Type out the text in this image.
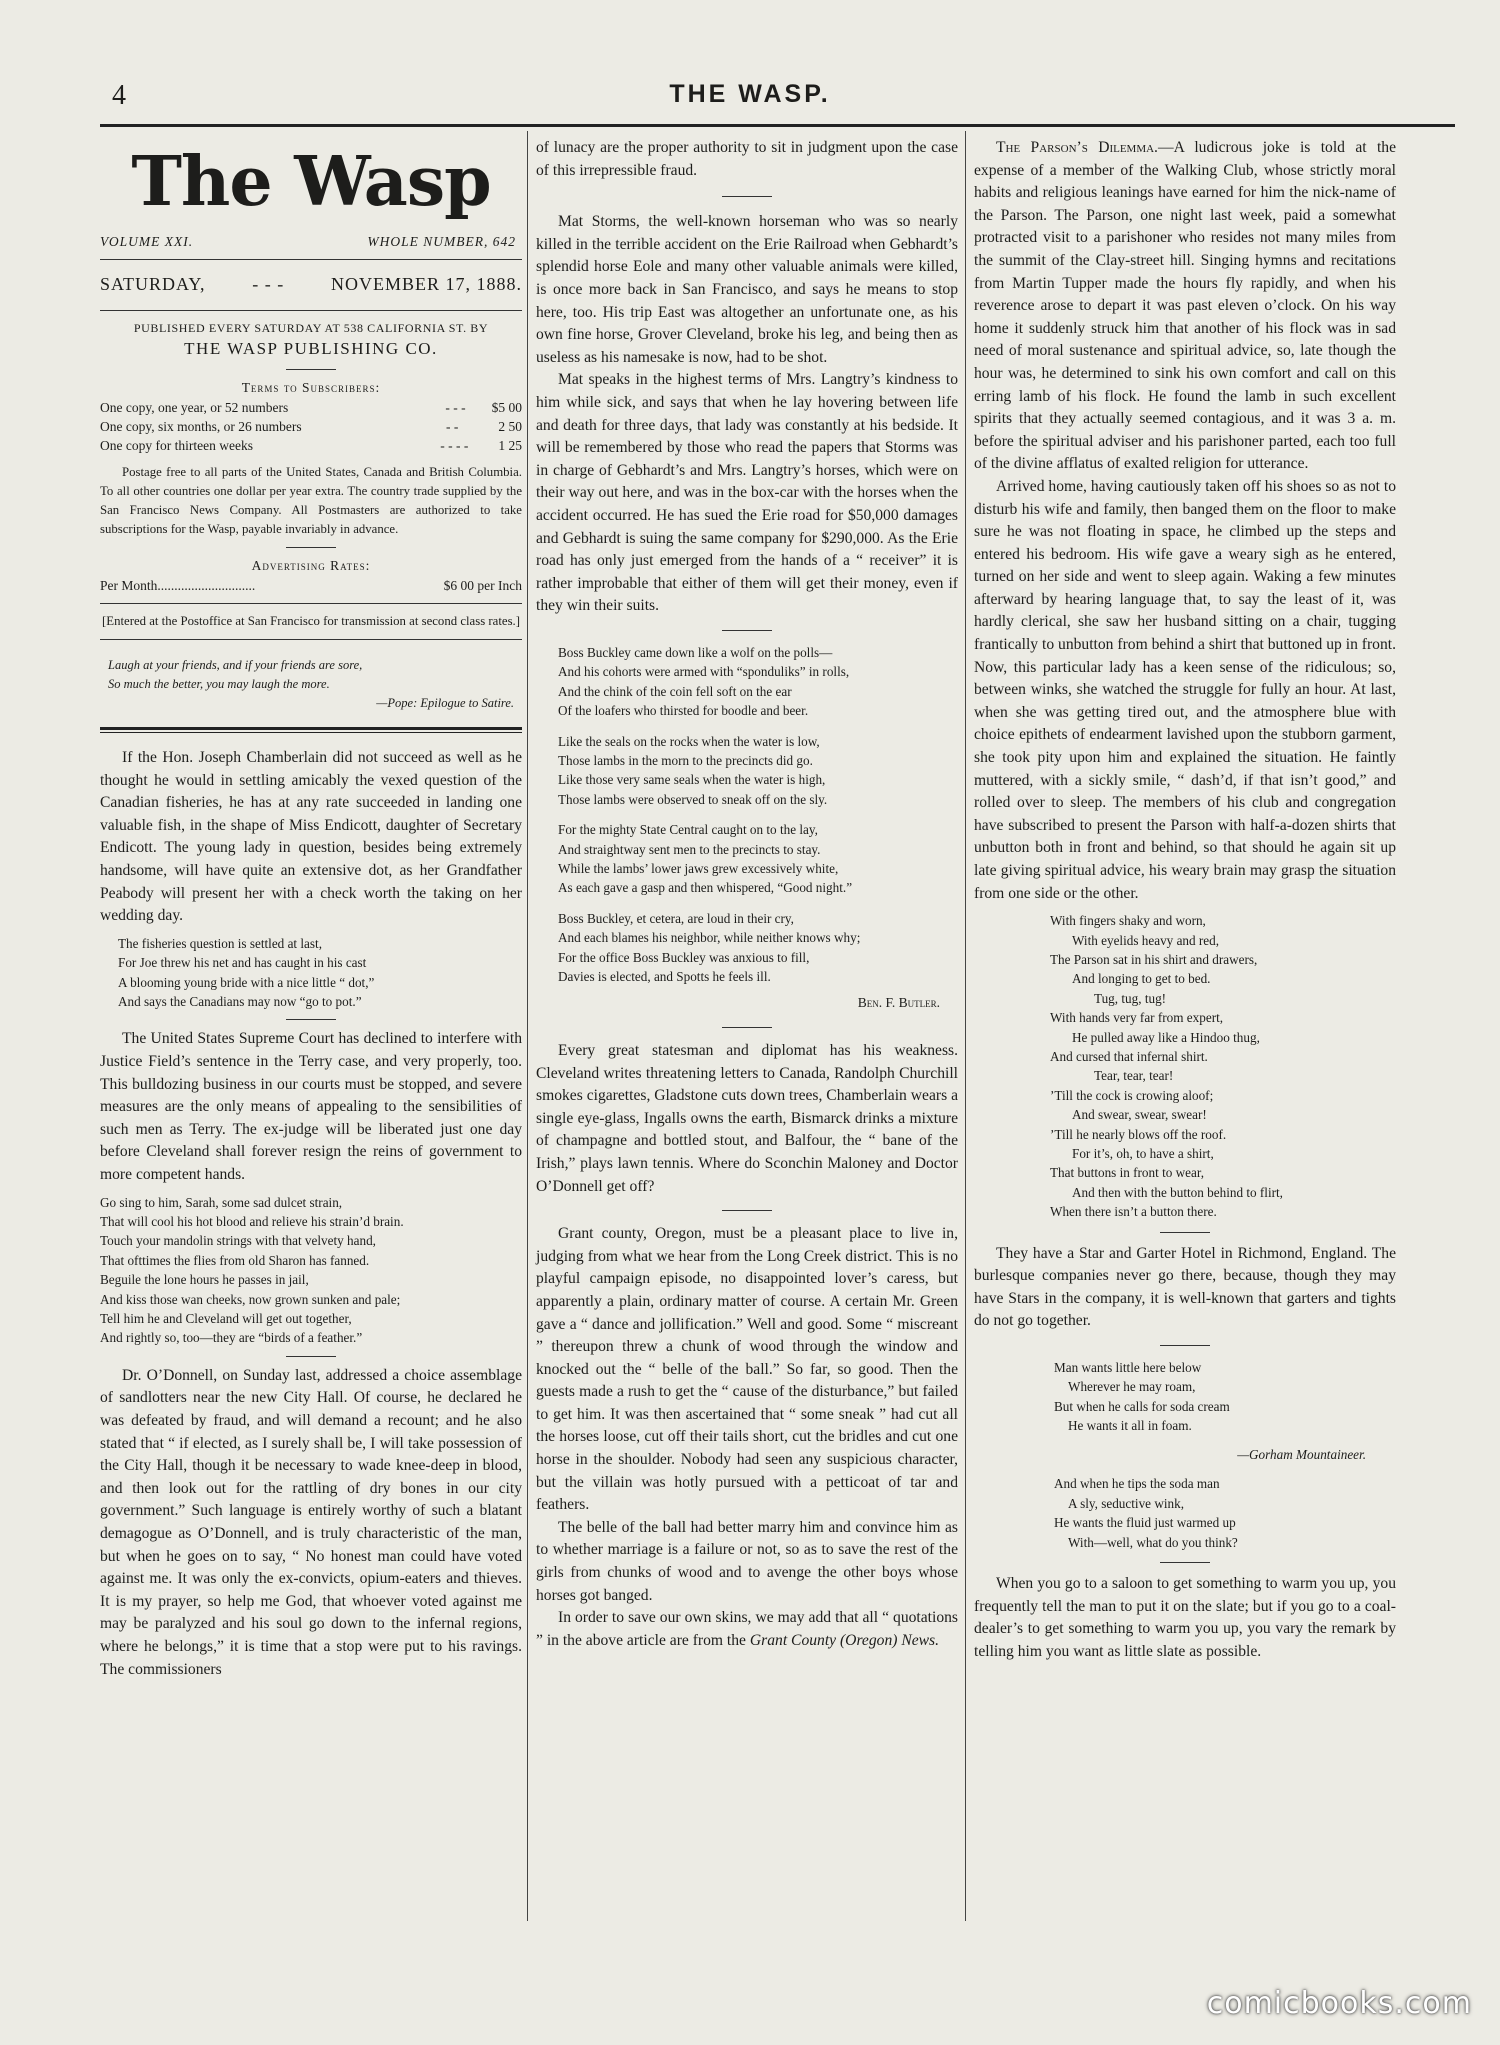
4	THE WASP.
The Wasp
VOLUME XXI.	WHOLE NUMBER, 642
SATURDAY,	- - -	NOVEMBER 17, 1888.
PUBLISHED EVERY SATURDAY AT 538 CALIFORNIA ST. BY
THE WASP PUBLISHING CO.
Terms to Subscribers:
One copy, one year, or 52 numbers	- - -	$5 00
One copy, six months, or 26 numbers	- -	2 50
One copy for thirteen weeks	- - - -	1 25

Postage free to all parts of the United States, Canada and British Columbia. To all other countries one dollar per year extra. The country trade supplied by the San Francisco News Company. All Postmasters are authorized to take subscriptions for the Wasp, payable invariably in advance.

Advertising Rates:
Per Month.............................	$6 00 per Inch
[Entered at the Postoffice at San Francisco for transmission at second class rates.]
Laugh at your friends, and if your friends are sore,
So much the better, you may laugh the more.
—Pope: Epilogue to Satire.

If the Hon. Joseph Chamberlain did not succeed as well as he thought he would in settling amicably the vexed question of the Canadian fisheries, he has at any rate succeeded in landing one valuable fish, in the shape of Miss Endicott, daughter of Secretary Endicott. The young lady in question, besides being extremely handsome, will have quite an extensive dot, as her Grandfather Peabody will present her with a check worth the taking on her wedding day.

The fisheries question is settled at last,
For Joe threw his net and has caught in his cast
A blooming young bride with a nice little “ dot,”
And says the Canadians may now “go to pot.”

The United States Supreme Court has declined to interfere with Justice Field’s sentence in the Terry case, and very properly, too. This bulldozing business in our courts must be stopped, and severe measures are the only means of appealing to the sensibilities of such men as Terry. The ex-judge will be liberated just one day before Cleveland shall forever resign the reins of government to more competent hands.

Go sing to him, Sarah, some sad dulcet strain,
That will cool his hot blood and relieve his strain’d brain.
Touch your mandolin strings with that velvety hand,
That ofttimes the flies from old Sharon has fanned.
Beguile the lone hours he passes in jail,
And kiss those wan cheeks, now grown sunken and pale;
Tell him he and Cleveland will get out together,
And rightly so, too—they are “birds of a feather.”

Dr. O’Donnell, on Sunday last, addressed a choice assemblage of sandlotters near the new City Hall. Of course, he declared he was defeated by fraud, and will demand a recount; and he also stated that “ if elected, as I surely shall be, I will take possession of the City Hall, though it be necessary to wade knee-deep in blood, and then look out for the rattling of dry bones in our city government.” Such language is entirely worthy of such a blatant demagogue as O’Donnell, and is truly characteristic of the man, but when he goes on to say, “ No honest man could have voted against me. It was only the ex-convicts, opium-eaters and thieves. It is my prayer, so help me God, that whoever voted against me may be paralyzed and his soul go down to the infernal regions, where he belongs,” it is time that a stop were put to his ravings. The commissioners

of lunacy are the proper authority to sit in judgment upon the case of this irrepressible fraud.

Mat Storms, the well-known horseman who was so nearly killed in the terrible accident on the Erie Railroad when Gebhardt’s splendid horse Eole and many other valuable animals were killed, is once more back in San Francisco, and says he means to stop here, too. His trip East was altogether an unfortunate one, as his own fine horse, Grover Cleveland, broke his leg, and being then as useless as his namesake is now, had to be shot.

Mat speaks in the highest terms of Mrs. Langtry’s kindness to him while sick, and says that when he lay hovering between life and death for three days, that lady was constantly at his bedside. It will be remembered by those who read the papers that Storms was in charge of Gebhardt’s and Mrs. Langtry’s horses, which were on their way out here, and was in the box-car with the horses when the accident occurred. He has sued the Erie road for $50,000 damages and Gebhardt is suing the same company for $290,000. As the Erie road has only just emerged from the hands of a “ receiver” it is rather improbable that either of them will get their money, even if they win their suits.

Boss Buckley came down like a wolf on the polls—
And his cohorts were armed with “sponduliks” in rolls,
And the chink of the coin fell soft on the ear
Of the loafers who thirsted for boodle and beer.
Like the seals on the rocks when the water is low,
Those lambs in the morn to the precincts did go.
Like those very same seals when the water is high,
Those lambs were observed to sneak off on the sly.
For the mighty State Central caught on to the lay,
And straightway sent men to the precincts to stay.
While the lambs’ lower jaws grew excessively white,
As each gave a gasp and then whispered, “Good night.”
Boss Buckley, et cetera, are loud in their cry,
And each blames his neighbor, while neither knows why;
For the office Boss Buckley was anxious to fill,
Davies is elected, and Spotts he feels ill.
Ben. F. Butler.

Every great statesman and diplomat has his weakness. Cleveland writes threatening letters to Canada, Randolph Churchill smokes cigarettes, Gladstone cuts down trees, Chamberlain wears a single eye-glass, Ingalls owns the earth, Bismarck drinks a mixture of champagne and bottled stout, and Balfour, the “ bane of the Irish,” plays lawn tennis. Where do Sconchin Maloney and Doctor O’Donnell get off?

Grant county, Oregon, must be a pleasant place to live in, judging from what we hear from the Long Creek district. This is no playful campaign episode, no disappointed lover’s caress, but apparently a plain, ordinary matter of course. A certain Mr. Green gave a “ dance and jollification.” Well and good. Some “ miscreant ” thereupon threw a chunk of wood through the window and knocked out the “ belle of the ball.” So far, so good. Then the guests made a rush to get the “ cause of the disturbance,” but failed to get him. It was then ascertained that “ some sneak ” had cut all the horses loose, cut off their tails short, cut the bridles and cut one horse in the shoulder. Nobody had seen any suspicious character, but the villain was hotly pursued with a petticoat of tar and feathers.

The belle of the ball had better marry him and convince him as to whether marriage is a failure or not, so as to save the rest of the girls from chunks of wood and to avenge the other boys whose horses got banged.

In order to save our own skins, we may add that all “ quotations ” in the above article are from the Grant County (Oregon) News.

The Parson’s Dilemma.—A ludicrous joke is told at the expense of a member of the Walking Club, whose strictly moral habits and religious leanings have earned for him the nick-name of the Parson. The Parson, one night last week, paid a somewhat protracted visit to a parishoner who resides not many miles from the summit of the Clay-street hill. Singing hymns and recitations from Martin Tupper made the hours fly rapidly, and when his reverence arose to depart it was past eleven o’clock. On his way home it suddenly struck him that another of his flock was in sad need of moral sustenance and spiritual advice, so, late though the hour was, he determined to sink his own comfort and call on this erring lamb of his flock. He found the lamb in such excellent spirits that they actually seemed contagious, and it was 3 a. m. before the spiritual adviser and his parishoner parted, each too full of the divine afflatus of exalted religion for utterance.

Arrived home, having cautiously taken off his shoes so as not to disturb his wife and family, then banged them on the floor to make sure he was not floating in space, he climbed up the steps and entered his bedroom. His wife gave a weary sigh as he entered, turned on her side and went to sleep again. Waking a few minutes afterward by hearing language that, to say the least of it, was hardly clerical, she saw her husband sitting on a chair, tugging frantically to unbutton from behind a shirt that buttoned up in front. Now, this particular lady has a keen sense of the ridiculous; so, between winks, she watched the struggle for fully an hour. At last, when she was getting tired out, and the atmosphere blue with choice epithets of endearment lavished upon the stubborn garment, she took pity upon him and explained the situation. He faintly muttered, with a sickly smile, “ dash’d, if that isn’t good,” and rolled over to sleep. The members of his club and congregation have subscribed to present the Parson with half-a-dozen shirts that unbutton both in front and behind, so that should he again sit up late giving spiritual advice, his weary brain may grasp the situation from one side or the other.

With fingers shaky and worn,
With eyelids heavy and red,
The Parson sat in his shirt and drawers,
And longing to get to bed.
Tug, tug, tug!
With hands very far from expert,
He pulled away like a Hindoo thug,
And cursed that infernal shirt.
Tear, tear, tear!
’Till the cock is crowing aloof;
And swear, swear, swear!
’Till he nearly blows off the roof.
For it’s, oh, to have a shirt,
That buttons in front to wear,
And then with the button behind to flirt,
When there isn’t a button there.

They have a Star and Garter Hotel in Richmond, England. The burlesque companies never go there, because, though they may have Stars in the company, it is well-known that garters and tights do not go together.

Man wants little here below
Wherever he may roam,
But when he calls for soda cream
He wants it all in foam.
—Gorham Mountaineer.
And when he tips the soda man
A sly, seductive wink,
He wants the fluid just warmed up
With—well, what do you think?

When you go to a saloon to get something to warm you up, you frequently tell the man to put it on the slate; but if you go to a coal-dealer’s to get something to warm you up, you vary the remark by telling him you want as little slate as possible.

comicbooks.com
